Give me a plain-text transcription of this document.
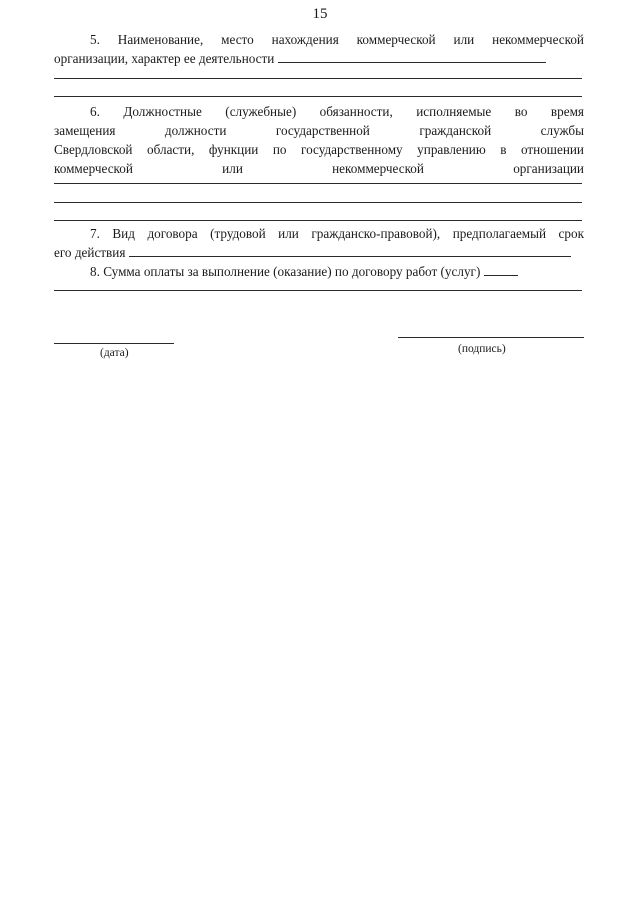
15
5. Наименование, место нахождения коммерческой или некоммерческой
организации, характер ее деятельности
6. Должностные (служебные) обязанности, исполняемые во время
замещения должности государственной гражданской службы
Свердловской области, функции по государственному управлению в отношении
коммерческой или некоммерческой организации
7. Вид договора (трудовой или гражданско-правовой), предполагаемый срок
его действия
8. Сумма оплаты за выполнение (оказание) по договору работ (услуг)
(дата)	(подпись)
